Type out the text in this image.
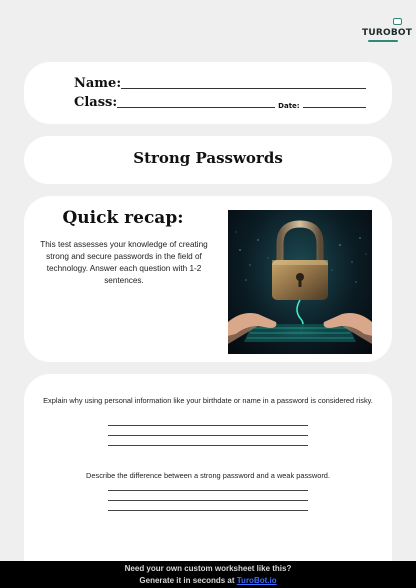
TUROBOT
Name:
Class:	Date:
Strong Passwords
Quick recap:
This test assesses your knowledge of creating strong and secure passwords in the field of technology. Answer each question with 1-2 sentences.
Explain why using personal information like your birthdate or name in a password is considered risky.
Describe the difference between a strong password and a weak password.
Need your own custom worksheet like this?
Generate it in seconds at TuroBot.io
